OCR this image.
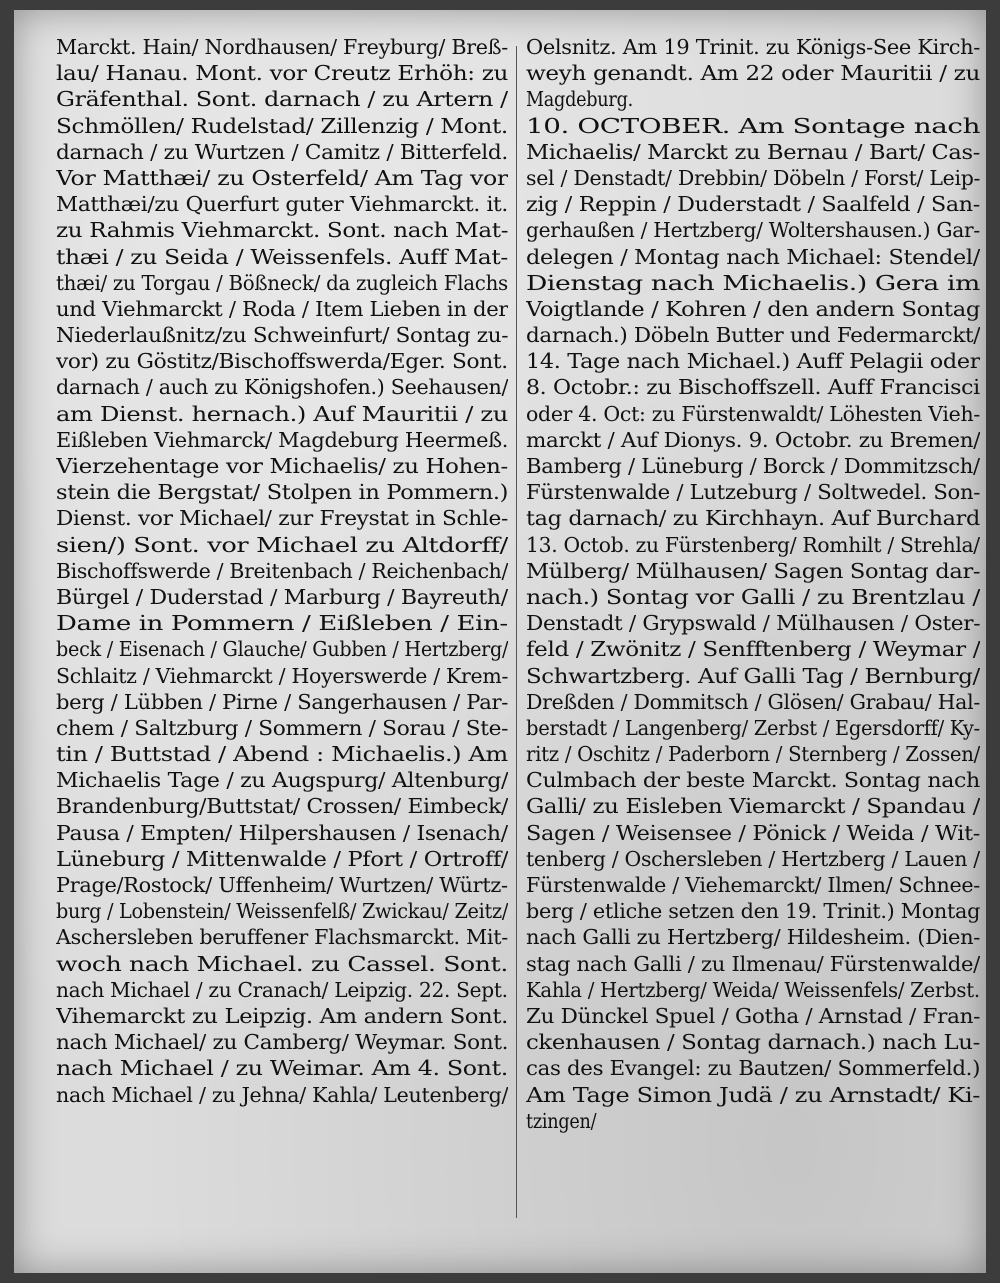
Marckt. Hain/ Nordhausen/ Freyburg/ Breß-
lau/ Hanau. Mont. vor Creutz Erhöh: zu
Gräfenthal. Sont. darnach / zu Artern /
Schmöllen/ Rudelstad/ Zillenzig / Mont.
darnach / zu Wurtzen / Camitz / Bitterfeld.
Vor Matthæi/ zu Osterfeld/ Am Tag vor
Matthæi/zu Querfurt guter Viehmarckt. it.
zu Rahmis Viehmarckt. Sont. nach Mat-
thæi / zu Seida / Weissenfels. Auff Mat-
thæi/ zu Torgau / Bößneck/ da zugleich Flachs
und Viehmarckt / Roda / Item Lieben in der
Niederlaußnitz/zu Schweinfurt/ Sontag zu-
vor) zu Göstitz/Bischoffswerda/Eger. Sont.
darnach / auch zu Königshofen.) Seehausen/
am Dienst. hernach.) Auf Mauritii / zu
Eißleben Viehmarck/ Magdeburg Heermeß.
Vierzehentage vor Michaelis/ zu Hohen-
stein die Bergstat/ Stolpen in Pommern.)
Dienst. vor Michael/ zur Freystat in Schle-
sien/) Sont. vor Michael zu Altdorff/
Bischoffswerde / Breitenbach / Reichenbach/
Bürgel / Duderstad / Marburg / Bayreuth/
Dame in Pommern / Eißleben / Ein-
beck / Eisenach / Glauche/ Gubben / Hertzberg/
Schlaitz / Viehmarckt / Hoyerswerde / Krem-
berg / Lübben / Pirne / Sangerhausen / Par-
chem / Saltzburg / Sommern / Sorau / Ste-
tin / Buttstad / Abend : Michaelis.) Am
Michaelis Tage / zu Augspurg/ Altenburg/
Brandenburg/Buttstat/ Crossen/ Eimbeck/
Pausa / Empten/ Hilpershausen / Isenach/
Lüneburg / Mittenwalde / Pfort / Ortroff/
Prage/Rostock/ Uffenheim/ Wurtzen/ Würtz-
burg / Lobenstein/ Weissenfelß/ Zwickau/ Zeitz/
Aschersleben beruffener Flachsmarckt. Mit-
woch nach Michael. zu Cassel. Sont.
nach Michael / zu Cranach/ Leipzig. 22. Sept.
Vihemarckt zu Leipzig. Am andern Sont.
nach Michael/ zu Camberg/ Weymar. Sont.
nach Michael / zu Weimar. Am 4. Sont.
nach Michael / zu Jehna/ Kahla/ Leutenberg/
Oelsnitz. Am 19 Trinit. zu Königs-See Kirch-
weyh genandt. Am 22 oder Mauritii / zu
Magdeburg.
10. OCTOBER. Am Sontage nach
Michaelis/ Marckt zu Bernau / Bart/ Cas-
sel / Denstadt/ Drebbin/ Döbeln / Forst/ Leip-
zig / Reppin / Duderstadt / Saalfeld / San-
gerhaußen / Hertzberg/ Woltershausen.) Gar-
delegen / Montag nach Michael: Stendel/
Dienstag nach Michaelis.) Gera im
Voigtlande / Kohren / den andern Sontag
darnach.) Döbeln Butter und Federmarckt/
14. Tage nach Michael.) Auff Pelagii oder
8. Octobr.: zu Bischoffszell. Auff Francisci
oder 4. Oct: zu Fürstenwaldt/ Löhesten Vieh-
marckt / Auf Dionys. 9. Octobr. zu Bremen/
Bamberg / Lüneburg / Borck / Dommitzsch/
Fürstenwalde / Lutzeburg / Soltwedel. Son-
tag darnach/ zu Kirchhayn. Auf Burchard
13. Octob. zu Fürstenberg/ Romhilt / Strehla/
Mülberg/ Mülhausen/ Sagen Sontag dar-
nach.) Sontag vor Galli / zu Brentzlau /
Denstadt / Grypswald / Mülhausen / Oster-
feld / Zwönitz / Senfftenberg / Weymar /
Schwartzberg. Auf Galli Tag / Bernburg/
Dreßden / Dommitsch / Glösen/ Grabau/ Hal-
berstadt / Langenberg/ Zerbst / Egersdorff/ Ky-
ritz / Oschitz / Paderborn / Sternberg / Zossen/
Culmbach der beste Marckt. Sontag nach
Galli/ zu Eisleben Viemarckt / Spandau /
Sagen / Weisensee / Pönick / Weida / Wit-
tenberg / Oschersleben / Hertzberg / Lauen /
Fürstenwalde / Viehemarckt/ Ilmen/ Schnee-
berg / etliche setzen den 19. Trinit.) Montag
nach Galli zu Hertzberg/ Hildesheim. (Dien-
stag nach Galli / zu Ilmenau/ Fürstenwalde/
Kahla / Hertzberg/ Weida/ Weissenfels/ Zerbst.
Zu Dünckel Spuel / Gotha / Arnstad / Fran-
ckenhausen / Sontag darnach.) nach Lu-
cas des Evangel: zu Bautzen/ Sommerfeld.)
Am Tage Simon Judä / zu Arnstadt/ Ki-
tzingen/
